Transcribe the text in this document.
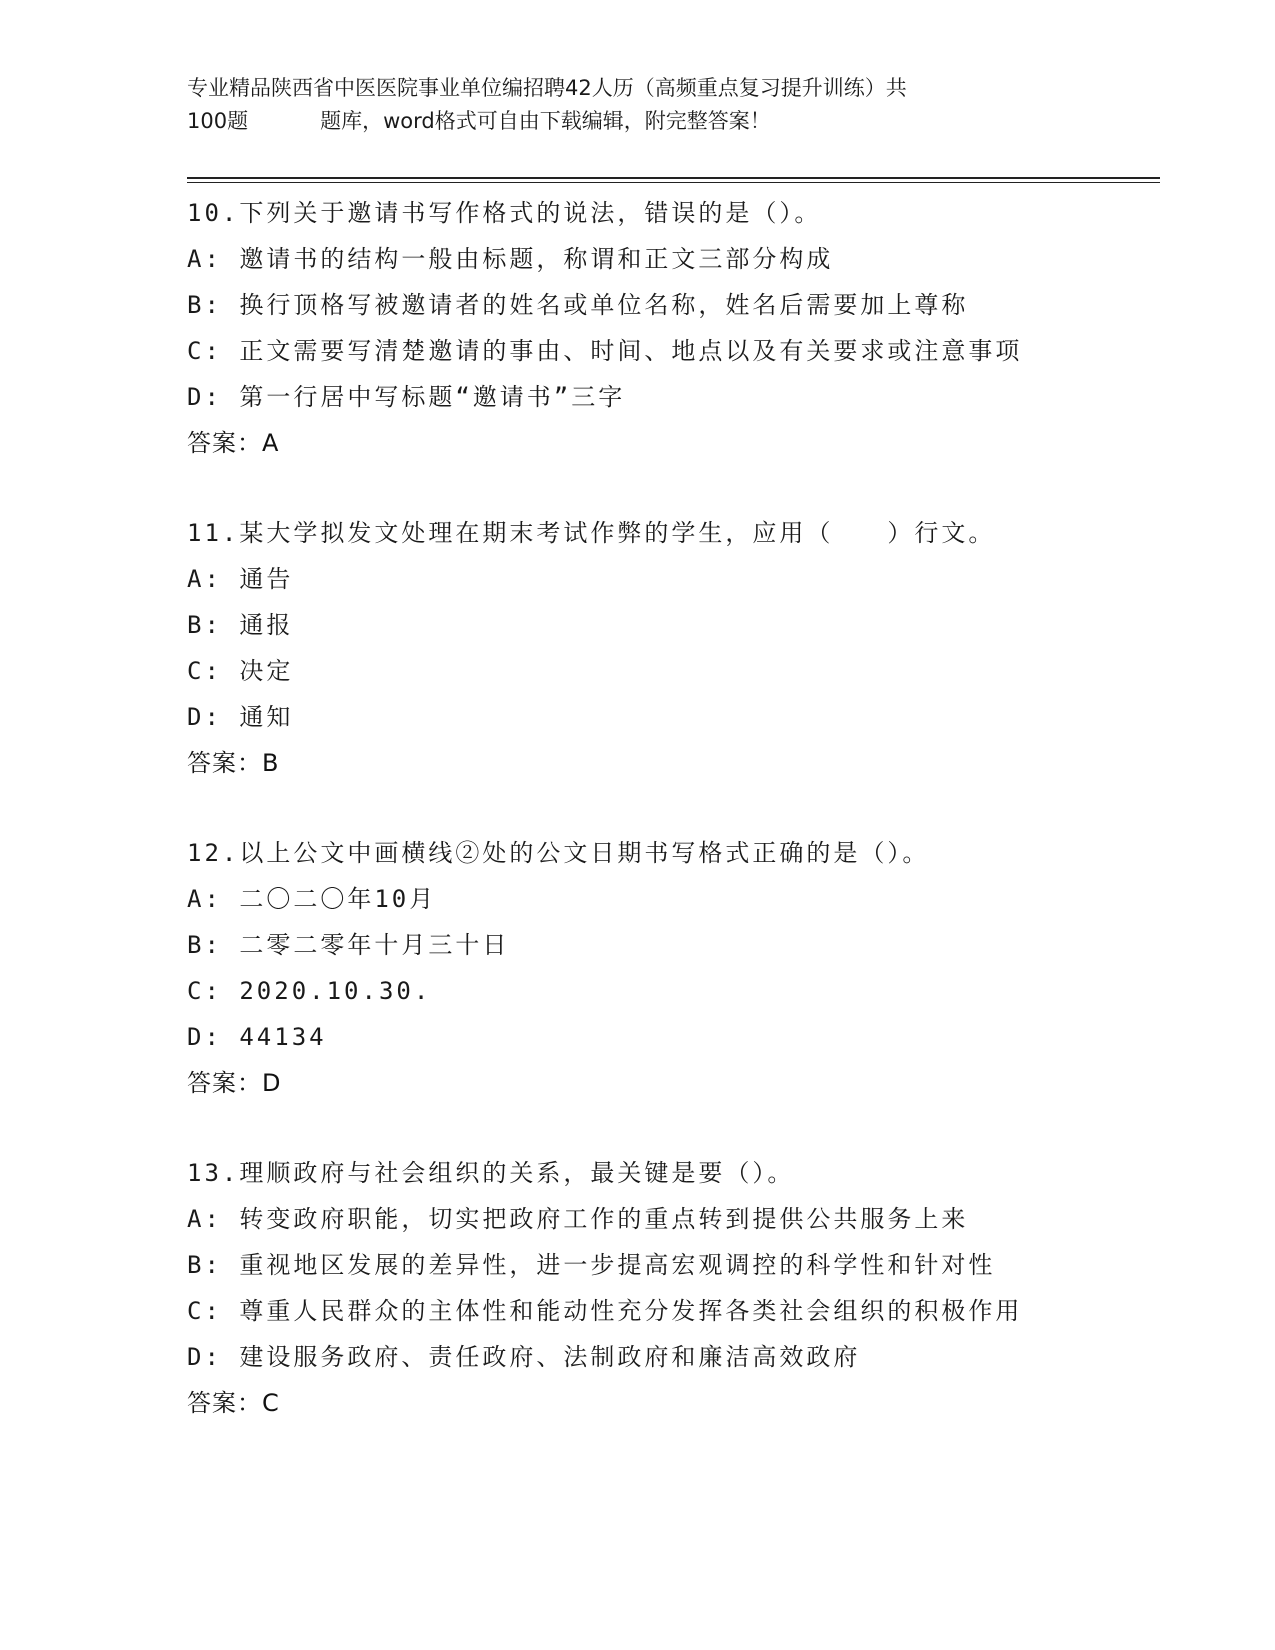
专业精品陕西省中医医院事业单位编招聘42人历（高频重点复习提升训练）共
100题	题库，word格式可自由下载编辑，附完整答案！
10.下列关于邀请书写作格式的说法，错误的是（）。
A: 邀请书的结构一般由标题，称谓和正文三部分构成
B: 换行顶格写被邀请者的姓名或单位名称，姓名后需要加上尊称
C: 正文需要写清楚邀请的事由、时间、地点以及有关要求或注意事项
D: 第一行居中写标题“邀请书”三字
答案：A
11.某大学拟发文处理在期末考试作弊的学生，应用（　　）行文。
A: 通告
B: 通报
C: 决定
D: 通知
答案：B
12.以上公文中画横线②处的公文日期书写格式正确的是（）。
A: 二〇二〇年10月
B: 二零二零年十月三十日
C: 2020.10.30.
D: 44134
答案：D
13.理顺政府与社会组织的关系，最关键是要（）。
A: 转变政府职能，切实把政府工作的重点转到提供公共服务上来
B: 重视地区发展的差异性，进一步提高宏观调控的科学性和针对性
C: 尊重人民群众的主体性和能动性充分发挥各类社会组织的积极作用
D: 建设服务政府、责任政府、法制政府和廉洁高效政府
答案：C
